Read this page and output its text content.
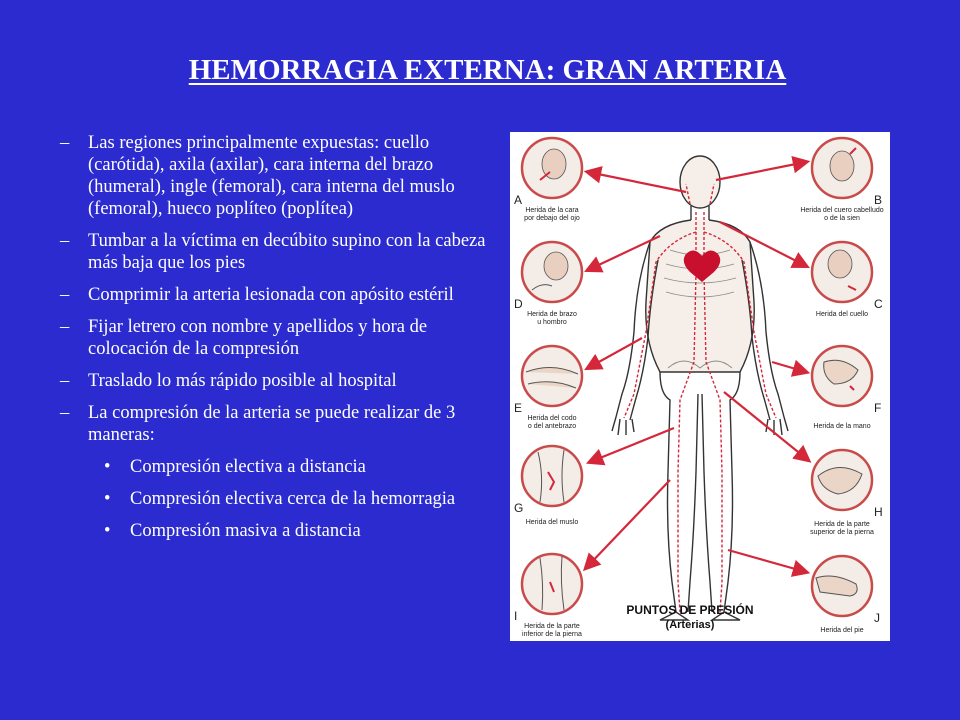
HEMORRAGIA EXTERNA: GRAN ARTERIA
– Las regiones principalmente expuestas: cuello (carótida), axila (axilar), cara interna del brazo (humeral), ingle (femoral), cara interna del muslo (femoral), hueco poplíteo (poplítea)
– Tumbar a la víctima en decúbito supino con la cabeza más baja que los pies
– Comprimir la arteria lesionada con apósito estéril
– Fijar letrero con nombre y apellidos y hora de colocación de la compresión
– Traslado lo más rápido posible al hospital
– La compresión de la arteria se puede realizar de 3 maneras:
• Compresión electiva a distancia
• Compresión electiva cerca de la hemorragia
• Compresión masiva a distancia
A
Herida de la cara
por debajo del ojo
B
Herida del cuero cabelludo
o de la sien
D
Herida de brazo
u hombro
C
Herida del cuello
E
Herida del codo
o del antebrazo
F
Herida de la mano
G
Herida del muslo
H
Herida de la parte
superior de la pierna
I
Herida de la parte
inferior de la pierna
J
Herida del pie
PUNTOS DE PRESIÓN
(Arterias)
